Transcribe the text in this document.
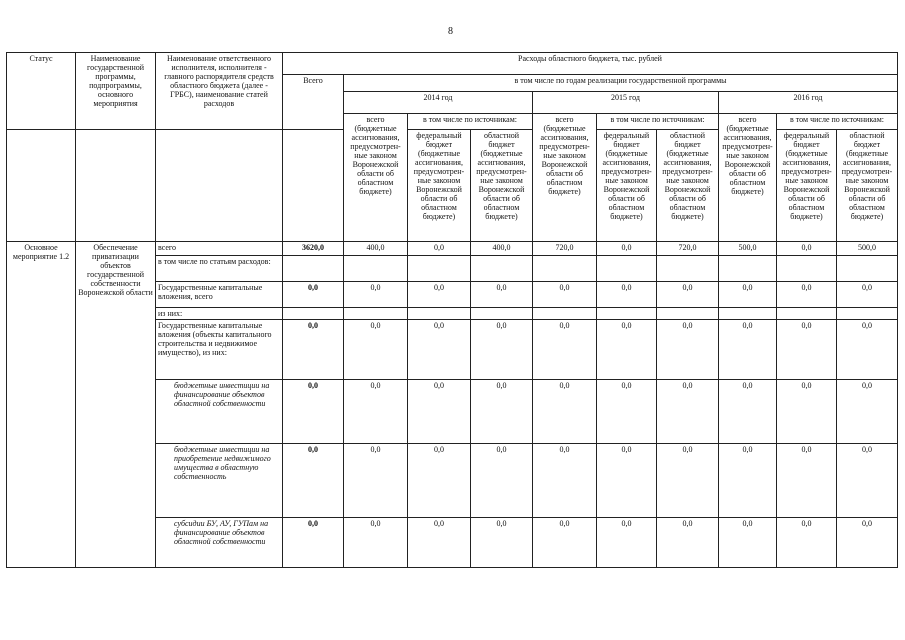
8
Статус	Наименование государственной программы, подпрограммы, основного мероприятия	Наименование ответственного исполнителя, исполнителя - главного распорядителя средств областного бюджета (далее - ГРБС), наименование статей расходов	Расходы областного бюджета, тыс. рублей									
			Всего	в том числе по годам реализации государственной программы								
				2014 год			2015 год			2016 год		
				всего (бюджетные ассигнования, предусмотрен-ные законом Воронежской области об областном бюджете)	в том числе по источникам:		всего (бюджетные ассигнования, предусмотрен-ные законом Воронежской области об областном бюджете)	в том числе по источникам:		всего (бюджетные ассигнования, предусмотрен-ные законом Воронежской области об областном бюджете)	в том числе по источникам:	
					федеральный бюджет (бюджетные ассигнования, предусмотрен-ные законом Воронежской области об областном бюджете)	областной бюджет (бюджетные ассигнования, предусмотрен-ные законом Воронежской области об областном бюджете)		федеральный бюджет (бюджетные ассигнования, предусмотрен-ные законом Воронежской области об областном бюджете)	областной бюджет (бюджетные ассигнования, предусмотрен-ные законом Воронежской области об областном бюджете)		федеральный бюджет (бюджетные ассигнования, предусмотрен-ные законом Воронежской области об областном бюджете)	областной бюджет (бюджетные ассигнования, предусмотрен-ные законом Воронежской области об областном бюджете)
Основное мероприятие 1.2	Обеспечение приватизации объектов государственной собственности Воронежской области	всего	3620,0	400,0	0,0	400,0	720,0	0,0	720,0	500,0	0,0	500,0
		в том числе по статьям расходов:										
		Государственные капитальные вложения, всего	0,0	0,0	0,0	0,0	0,0	0,0	0,0	0,0	0,0	0,0
		из них:										
		Государственные капитальные вложения (объекты капитального строительства и недвижимое имущество), из них:	0,0	0,0	0,0	0,0	0,0	0,0	0,0	0,0	0,0	0,0
		бюджетные инвестиции на финансирование объектов областной собственности	0,0	0,0	0,0	0,0	0,0	0,0	0,0	0,0	0,0	0,0
		бюджетные инвестиции на приобретение недвижимого имущества в областную собственность	0,0	0,0	0,0	0,0	0,0	0,0	0,0	0,0	0,0	0,0
		субсидии БУ, АУ, ГУПам на финансирование объектов областной собственности	0,0	0,0	0,0	0,0	0,0	0,0	0,0	0,0	0,0	0,0
